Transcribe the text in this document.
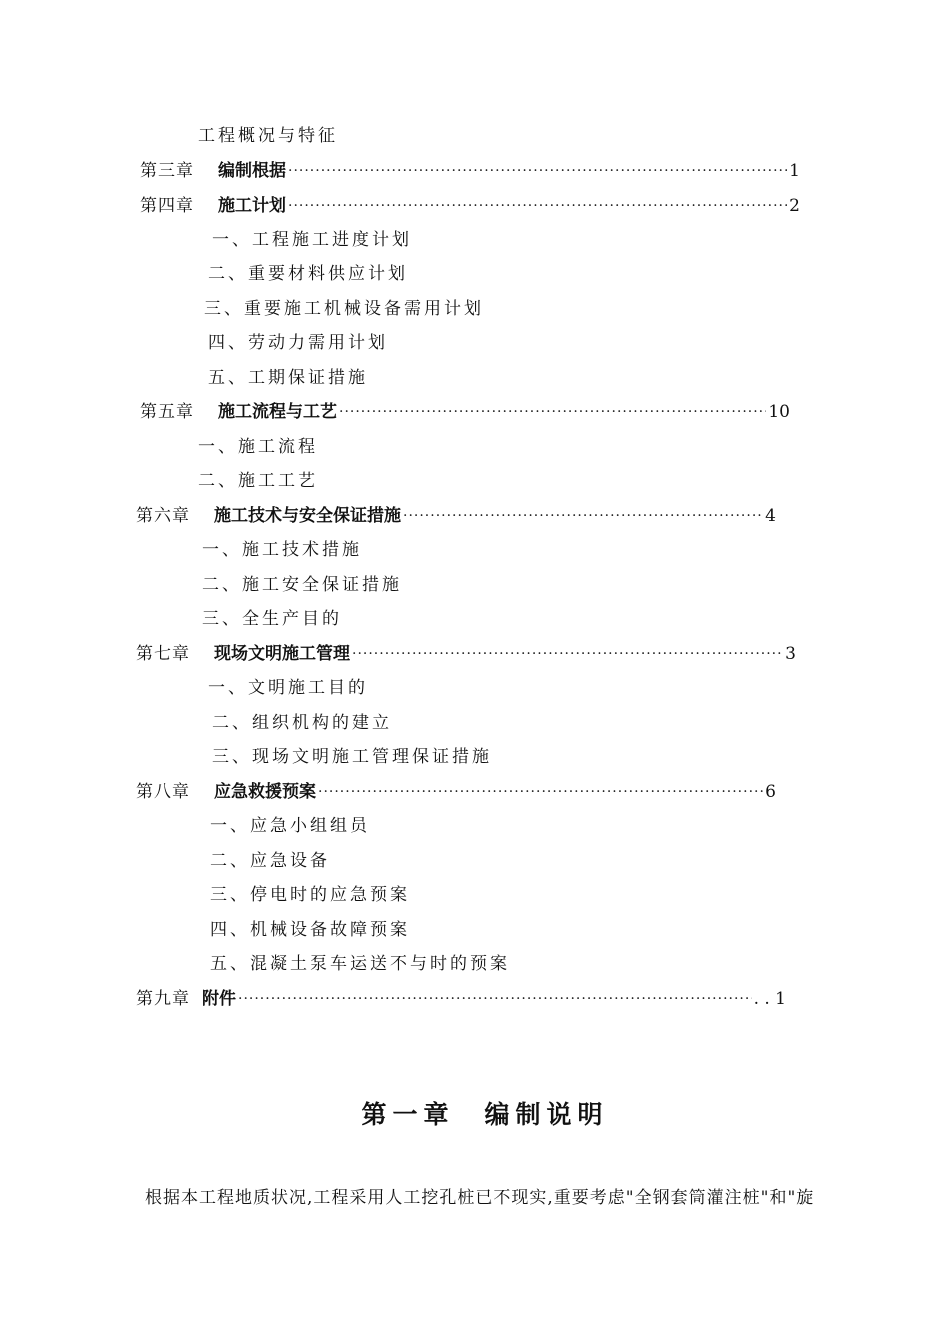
工程概况与特征
第三章	编制根据 ·····	1
第四章	施工计划 ·····	2
一、工程施工进度计划
二、重要材料供应计划
三、重要施工机械设备需用计划
四、劳动力需用计划
五、工期保证措施
第五章	施工流程与工艺 ·····	10
一、施工流程
二、施工工艺
第六章	施工技术与安全保证措施 ·····	4
一、施工技术措施
二、施工安全保证措施
三、全生产目的
第七章	现场文明施工管理 ·····	3
一、文明施工目的
二、组织机构的建立
三、现场文明施工管理保证措施
第八章	应急救援预案 ·····	6
一、应急小组组员
二、应急设备
三、停电时的应急预案
四、机械设备故障预案
五、混凝土泵车运送不与时的预案
第九章 附件 ·····	. . 1
第一章 编制说明
根据本工程地质状况,工程采用人工挖孔桩已不现实,重要考虑"全钢套筒灌注桩"和"旋
